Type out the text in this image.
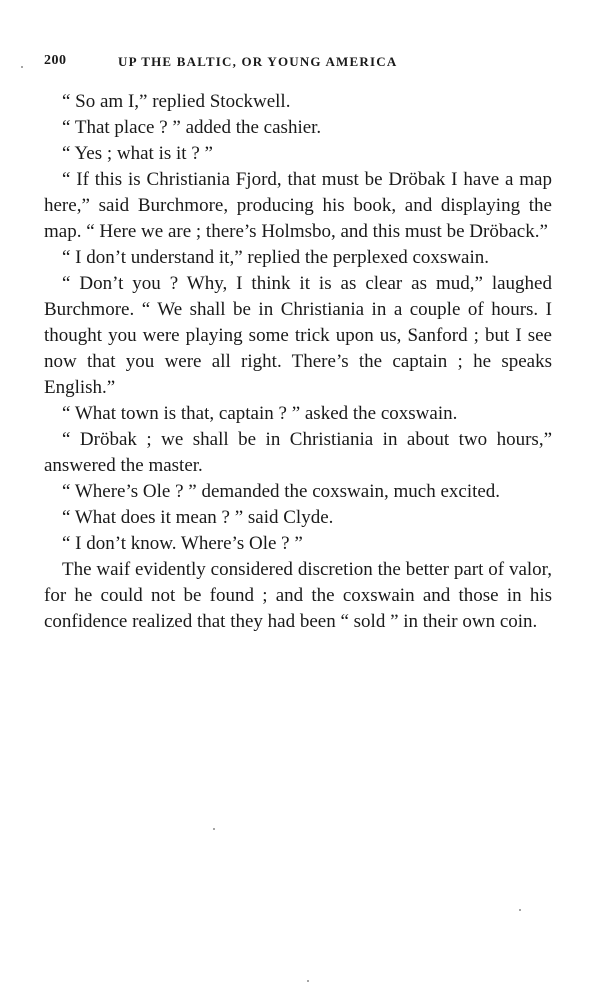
200	UP THE BALTIC, OR YOUNG AMERICA

“ So am I,” replied Stockwell.

“ That place ? ” added the cashier.

“ Yes ; what is it ? ”

“ If this is Christiania Fjord, that must be Dröbak I have a map here,” said Burchmore, producing his book, and displaying the map. “ Here we are ; there’s Holmsbo, and this must be Dröback.”

“ I don’t understand it,” replied the perplexed coxswain.

“ Don’t you ? Why, I think it is as clear as mud,” laughed Burchmore. “ We shall be in Christiania in a couple of hours. I thought you were playing some trick upon us, Sanford ; but I see now that you were all right. There’s the captain ; he speaks English.”

“ What town is that, captain ? ” asked the coxswain.

“ Dröbak ; we shall be in Christiania in about two hours,” answered the master.

“ Where’s Ole ? ” demanded the coxswain, much excited.

“ What does it mean ? ” said Clyde.

“ I don’t know. Where’s Ole ? ”

The waif evidently considered discretion the better part of valor, for he could not be found ; and the coxswain and those in his confidence realized that they had been “ sold ” in their own coin.
